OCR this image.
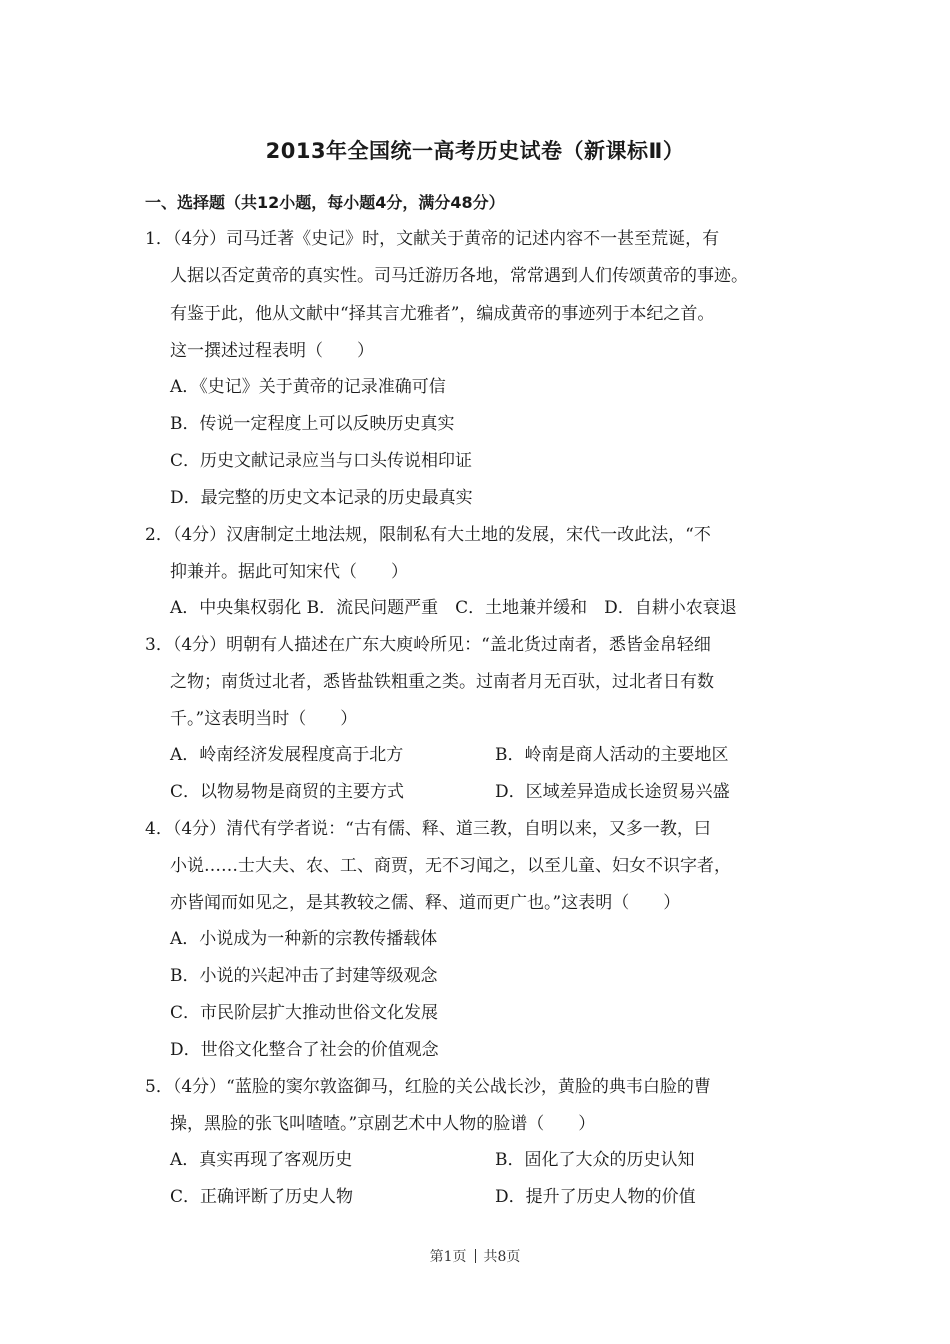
2013年全国统一高考历史试卷（新课标Ⅱ）
一、选择题（共12小题，每小题4分，满分48分）
1．（4分）司马迁著《史记》时，文献关于黄帝的记述内容不一甚至荒诞，有
人据以否定黄帝的真实性。司马迁游历各地，常常遇到人们传颂黄帝的事迹。
有鉴于此，他从文献中“择其言尤雅者”，编成黄帝的事迹列于本纪之首。
这一撰述过程表明（　　）
A．《史记》关于黄帝的记录准确可信
B．传说一定程度上可以反映历史真实
C．历史文献记录应当与口头传说相印证
D．最完整的历史文本记录的历史最真实
2．（4分）汉唐制定土地法规，限制私有大土地的发展，宋代一改此法，“不
抑兼并。据此可知宋代（　　）
A．中央集权弱化 B．流民问题严重　C．土地兼并缓和　D．自耕小农衰退
3．（4分）明朝有人描述在广东大庾岭所见：“盖北货过南者，悉皆金帛轻细
之物；南货过北者，悉皆盐铁粗重之类。过南者月无百驮，过北者日有数
千。”这表明当时（　　）
A．岭南经济发展程度高于北方	B．岭南是商人活动的主要地区
C．以物易物是商贸的主要方式	D．区域差异造成长途贸易兴盛
4．（4分）清代有学者说：“古有儒、释、道三教，自明以来，又多一教，曰
小说……士大夫、农、工、商贾，无不习闻之，以至儿童、妇女不识字者，
亦皆闻而如见之，是其教较之儒、释、道而更广也。”这表明（　　）
A．小说成为一种新的宗教传播载体
B．小说的兴起冲击了封建等级观念
C．市民阶层扩大推动世俗文化发展
D．世俗文化整合了社会的价值观念
5．（4分）“蓝脸的窦尔敦盗御马，红脸的关公战长沙，黄脸的典韦白脸的曹
操，黑脸的张飞叫喳喳。”京剧艺术中人物的脸谱（　　）
A．真实再现了客观历史	B．固化了大众的历史认知
C．正确评断了历史人物	D．提升了历史人物的价值
第1页 共8页
